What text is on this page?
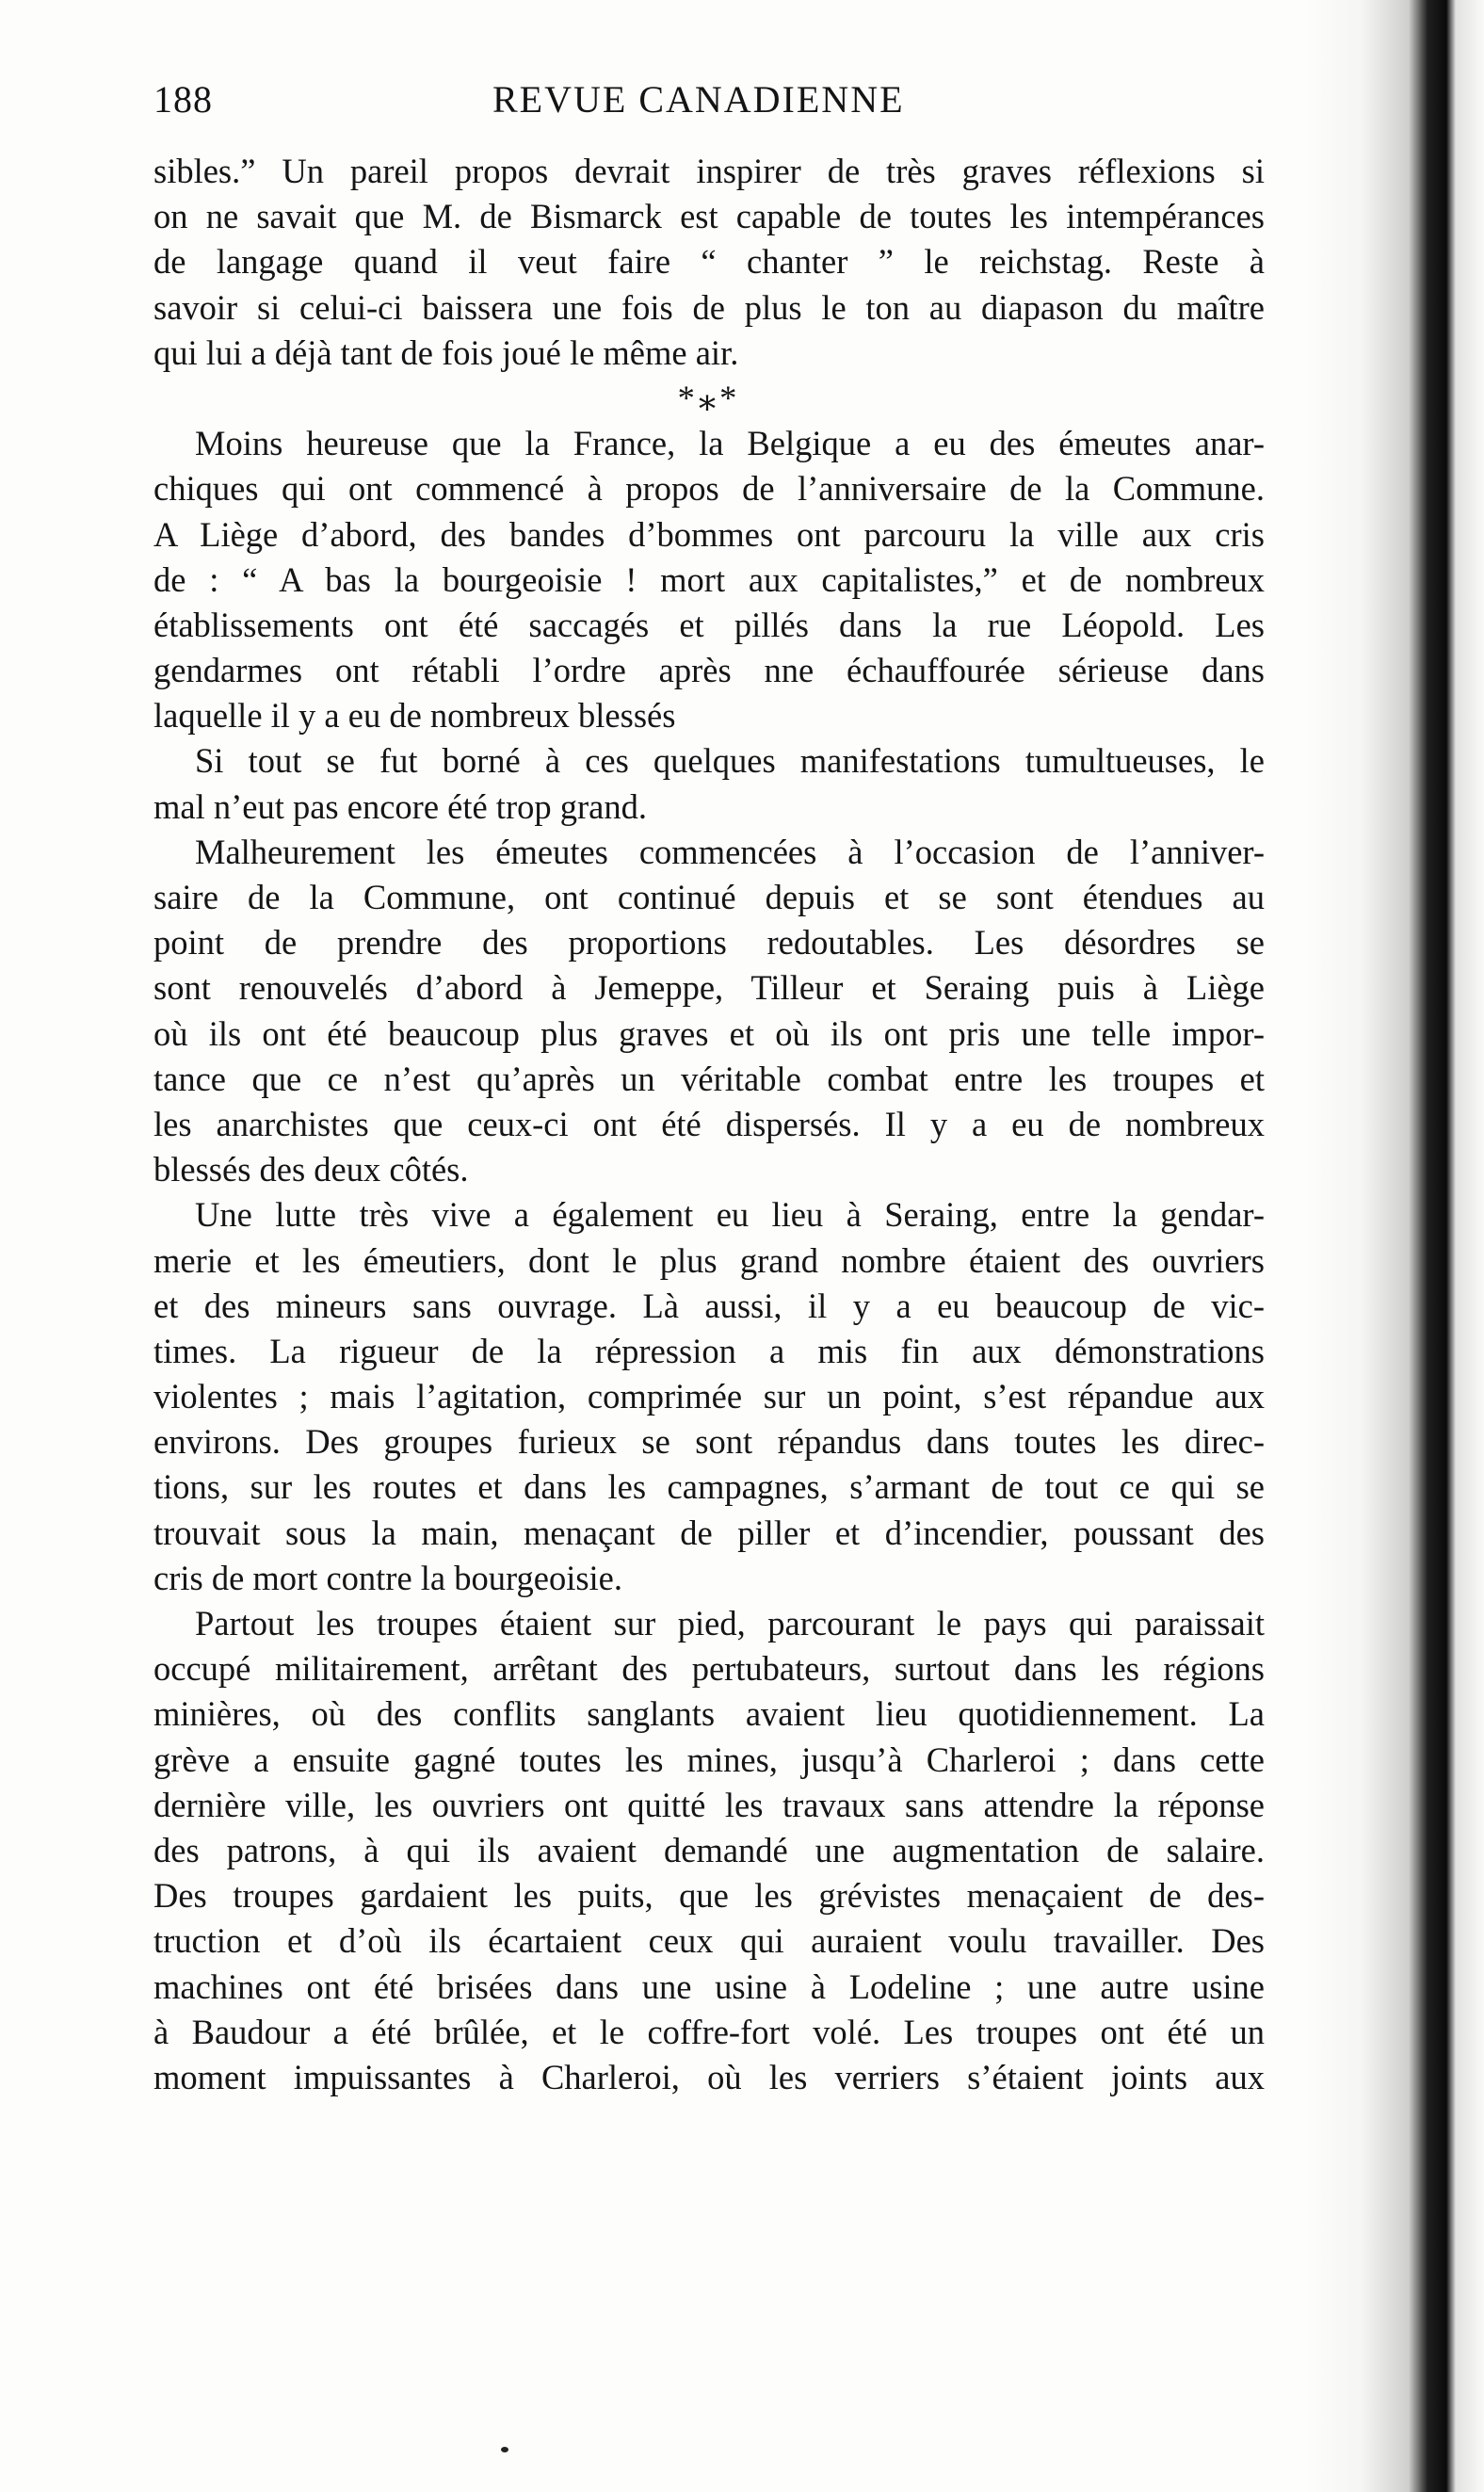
188	REVUE CANADIENNE
sibles.” Un pareil propos devrait inspirer de très graves réflexions si
on ne savait que M. de Bismarck est capable de toutes les intempérances
de langage quand il veut faire “ chanter ” le reichstag. Reste à
savoir si celui-ci baissera une fois de plus le ton au diapason du maître
qui lui a déjà tant de fois joué le même air.
*⁎*
Moins heureuse que la France, la Belgique a eu des émeutes anar-
chiques qui ont commencé à propos de l’anniversaire de la Commune.
A Liège d’abord, des bandes d’bommes ont parcouru la ville aux cris
de : “ A bas la bourgeoisie ! mort aux capitalistes,” et de nombreux
établissements ont été saccagés et pillés dans la rue Léopold. Les
gendarmes ont rétabli l’ordre après nne échauffourée sérieuse dans
laquelle il y a eu de nombreux blessés
Si tout se fut borné à ces quelques manifestations tumultueuses, le
mal n’eut pas encore été trop grand.
Malheurement les émeutes commencées à l’occasion de l’anniver-
saire de la Commune, ont continué depuis et se sont étendues au
point de prendre des proportions redoutables. Les désordres se
sont renouvelés d’abord à Jemeppe, Tilleur et Seraing puis à Liège
où ils ont été beaucoup plus graves et où ils ont pris une telle impor-
tance que ce n’est qu’après un véritable combat entre les troupes et
les anarchistes que ceux-ci ont été dispersés. Il y a eu de nombreux
blessés des deux côtés.
Une lutte très vive a également eu lieu à Seraing, entre la gendar-
merie et les émeutiers, dont le plus grand nombre étaient des ouvriers
et des mineurs sans ouvrage. Là aussi, il y a eu beaucoup de vic-
times. La rigueur de la répression a mis fin aux démonstrations
violentes ; mais l’agitation, comprimée sur un point, s’est répandue aux
environs. Des groupes furieux se sont répandus dans toutes les direc-
tions, sur les routes et dans les campagnes, s’armant de tout ce qui se
trouvait sous la main, menaçant de piller et d’incendier, poussant des
cris de mort contre la bourgeoisie.
Partout les troupes étaient sur pied, parcourant le pays qui paraissait
occupé militairement, arrêtant des pertubateurs, surtout dans les régions
minières, où des conflits sanglants avaient lieu quotidiennement. La
grève a ensuite gagné toutes les mines, jusqu’à Charleroi ; dans cette
dernière ville, les ouvriers ont quitté les travaux sans attendre la réponse
des patrons, à qui ils avaient demandé une augmentation de salaire.
Des troupes gardaient les puits, que les grévistes menaçaient de des-
truction et d’où ils écartaient ceux qui auraient voulu travailler. Des
machines ont été brisées dans une usine à Lodeline ; une autre usine
à Baudour a été brûlée, et le coffre-fort volé. Les troupes ont été un
moment impuissantes à Charleroi, où les verriers s’étaient joints aux
